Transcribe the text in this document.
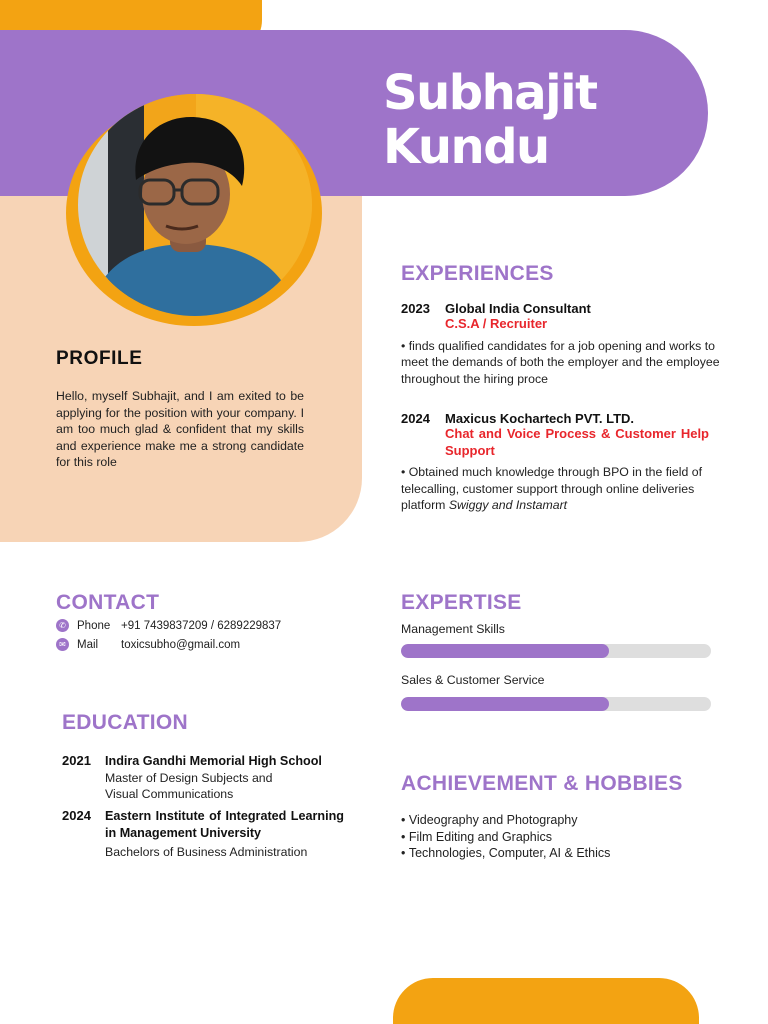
Subhajit
Kundu
PROFILE

Hello, myself Subhajit, and I am exited to be applying for the position with your company. I am too much glad & confident that my skills and experience make me a strong candidate for this role

EXPERIENCES
2023	Global India Consultant
C.S.A / Recruiter

• finds qualified candidates for a job opening and works to meet the demands of both the employer and the employee throughout the hiring proce

2024	Maxicus Kochartech PVT. LTD.
Chat and Voice Process & Customer Help Support

• Obtained much knowledge through BPO in the field of telecalling, customer support through online deliveries platform Swiggy and Instamart

CONTACT
✆ Phone +91 7439837209 / 6289229837
✉ Mail	toxicsubho@gmail.com
EDUCATION
2021	Indira Gandhi Memorial High School
Master of Design Subjects and Visual Communications
2024	Eastern Institute of Integrated Learning in Management University
Bachelors of Business Administration
EXPERTISE
Management Skills
Sales & Customer Service
ACHIEVEMENT & HOBBIES
• Videography and Photography
• Film Editing and Graphics
• Technologies, Computer, AI & Ethics
